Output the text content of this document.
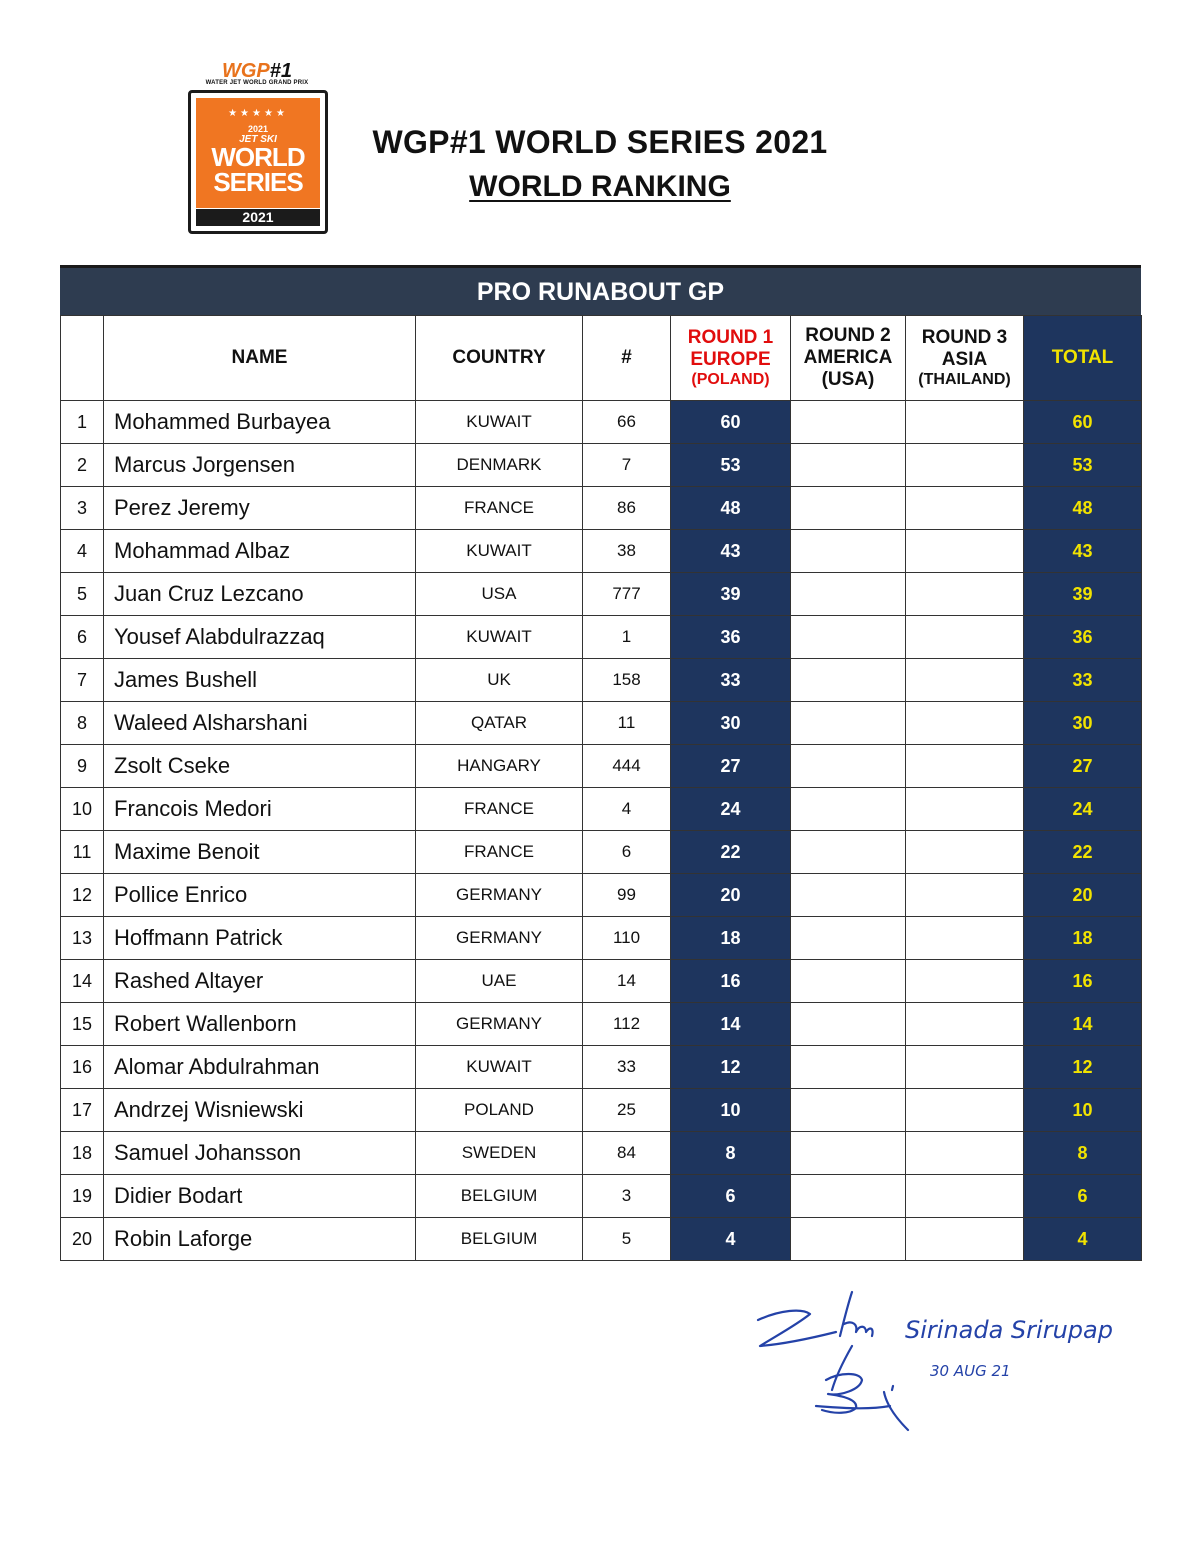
WGP#1
WATER JET WORLD GRAND PRIX
★★★★★
2021
JET SKI
WORLD
SERIES
2021
WGP#1 WORLD SERIES 2021
WORLD RANKING
PRO RUNABOUT GP
	NAME	COUNTRY	#	ROUND 1
EUROPE
(POLAND)	ROUND 2
AMERICA
(USA)	ROUND 3
ASIA
(THAILAND)	TOTAL
1	Mohammed Burbayea	KUWAIT	66	60			60
2	Marcus Jorgensen	DENMARK	7	53			53
3	Perez Jeremy	FRANCE	86	48			48
4	Mohammad Albaz	KUWAIT	38	43			43
5	Juan Cruz Lezcano	USA	777	39			39
6	Yousef Alabdulrazzaq	KUWAIT	1	36			36
7	James Bushell	UK	158	33			33
8	Waleed Alsharshani	QATAR	11	30			30
9	Zsolt Cseke	HANGARY	444	27			27
10	Francois Medori	FRANCE	4	24			24
11	Maxime Benoit	FRANCE	6	22			22
12	Pollice Enrico	GERMANY	99	20			20
13	Hoffmann Patrick	GERMANY	110	18			18
14	Rashed Altayer	UAE	14	16			16
15	Robert Wallenborn	GERMANY	112	14			14
16	Alomar Abdulrahman	KUWAIT	33	12			12
17	Andrzej Wisniewski	POLAND	25	10			10
18	Samuel Johansson	SWEDEN	84	8			8
19	Didier Bodart	BELGIUM	3	6			6
20	Robin Laforge	BELGIUM	5	4			4
Sirinada Srirupap
30 AUG 21
